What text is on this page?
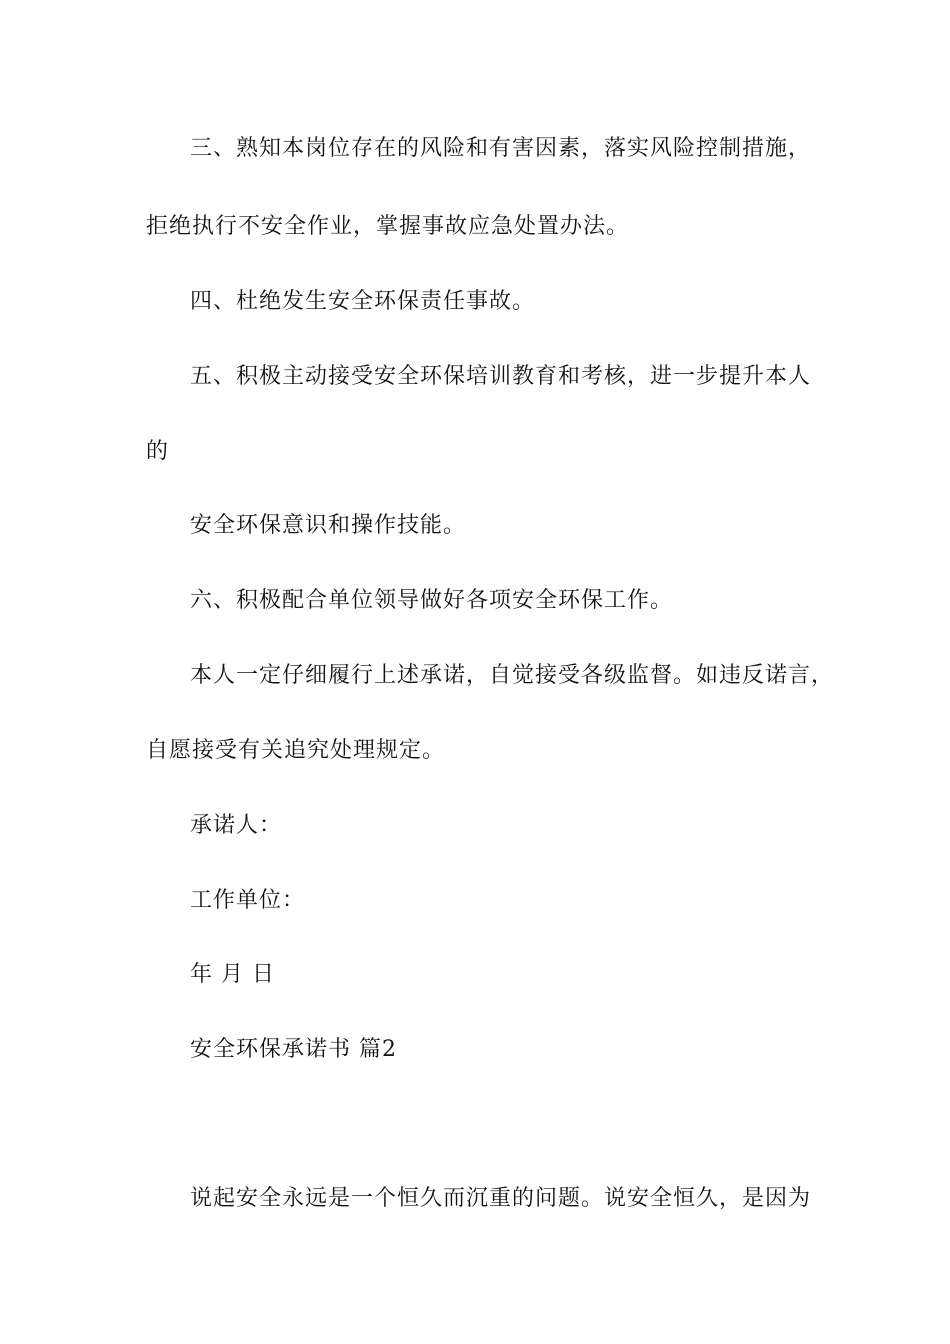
三、熟知本岗位存在的风险和有害因素，落实风险控制措施，

拒绝执行不安全作业，掌握事故应急处置办法。

四、杜绝发生安全环保责任事故。

五、积极主动接受安全环保培训教育和考核，进一步提升本人

的

安全环保意识和操作技能。

六、积极配合单位领导做好各项安全环保工作。

本人一定仔细履行上述承诺，自觉接受各级监督。如违反诺言，

自愿接受有关追究处理规定。

承诺人：

工作单位：

年 月 日

安全环保承诺书 篇2

说起安全永远是一个恒久而沉重的问题。说安全恒久，是因为
